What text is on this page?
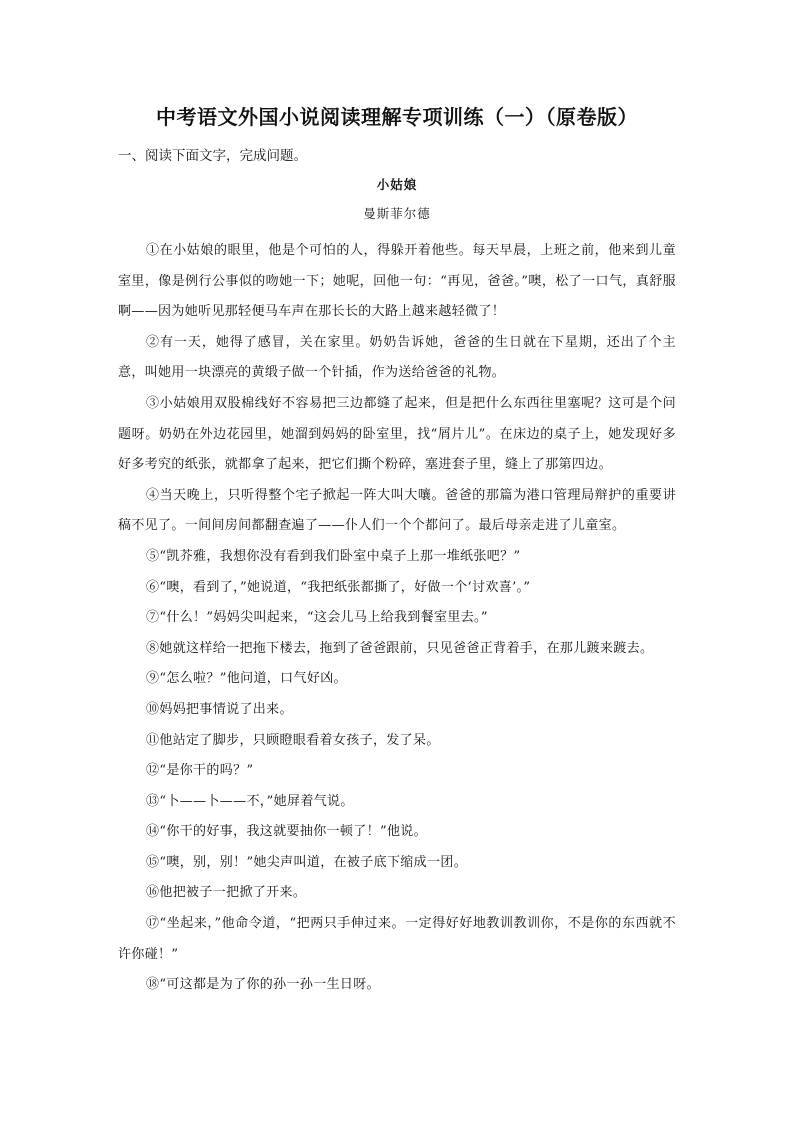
中考语文外国小说阅读理解专项训练（一）（原卷版）
一、阅读下面文字，完成问题。
小姑娘
曼斯菲尔德

①在小姑娘的眼里，他是个可怕的人，得躲开着他些。每天早晨，上班之前，他来到儿童室里，像是例行公事似的吻她一下；她呢，回他一句：“再见，爸爸。”噢，松了一口气，真舒服啊——因为她听见那轻便马车声在那长长的大路上越来越轻微了！

②有一天，她得了感冒，关在家里。奶奶告诉她，爸爸的生日就在下星期，还出了个主意，叫她用一块漂亮的黄缎子做一个针插，作为送给爸爸的礼物。

③小姑娘用双股棉线好不容易把三边都缝了起来，但是把什么东西往里塞呢？这可是个问题呀。奶奶在外边花园里，她溜到妈妈的卧室里，找“屑片儿”。在床边的桌子上，她发现好多好多考究的纸张，就都拿了起来，把它们撕个粉碎，塞进套子里，缝上了那第四边。

④当天晚上，只听得整个宅子掀起一阵大叫大嚷。爸爸的那篇为港口管理局辩护的重要讲稿不见了。一间间房间都翻查遍了——仆人们一个个都问了。最后母亲走进了儿童室。

⑤“凯芥雅，我想你没有看到我们卧室中桌子上那一堆纸张吧？”

⑥“噢，看到了，”她说道，“我把纸张都撕了，好做一个‘讨欢喜’。”

⑦“什么！”妈妈尖叫起来，“这会儿马上给我到餐室里去。”

⑧她就这样给一把拖下楼去，拖到了爸爸跟前，只见爸爸正背着手，在那儿踱来踱去。

⑨“怎么啦？”他问道，口气好凶。

⑩妈妈把事情说了出来。

⑪他站定了脚步，只顾瞪眼看着女孩子，发了呆。

⑫“是你干的吗？”

⑬“卜——卜——不，”她屏着气说。

⑭“你干的好事，我这就要抽你一顿了！”他说。

⑮“噢，别，别！”她尖声叫道，在被子底下缩成一团。

⑯他把被子一把掀了开来。

⑰“坐起来，”他命令道，“把两只手伸过来。一定得好好地教训教训你，不是你的东西就不许你碰！”

⑱“可这都是为了你的孙一孙一生日呀。
